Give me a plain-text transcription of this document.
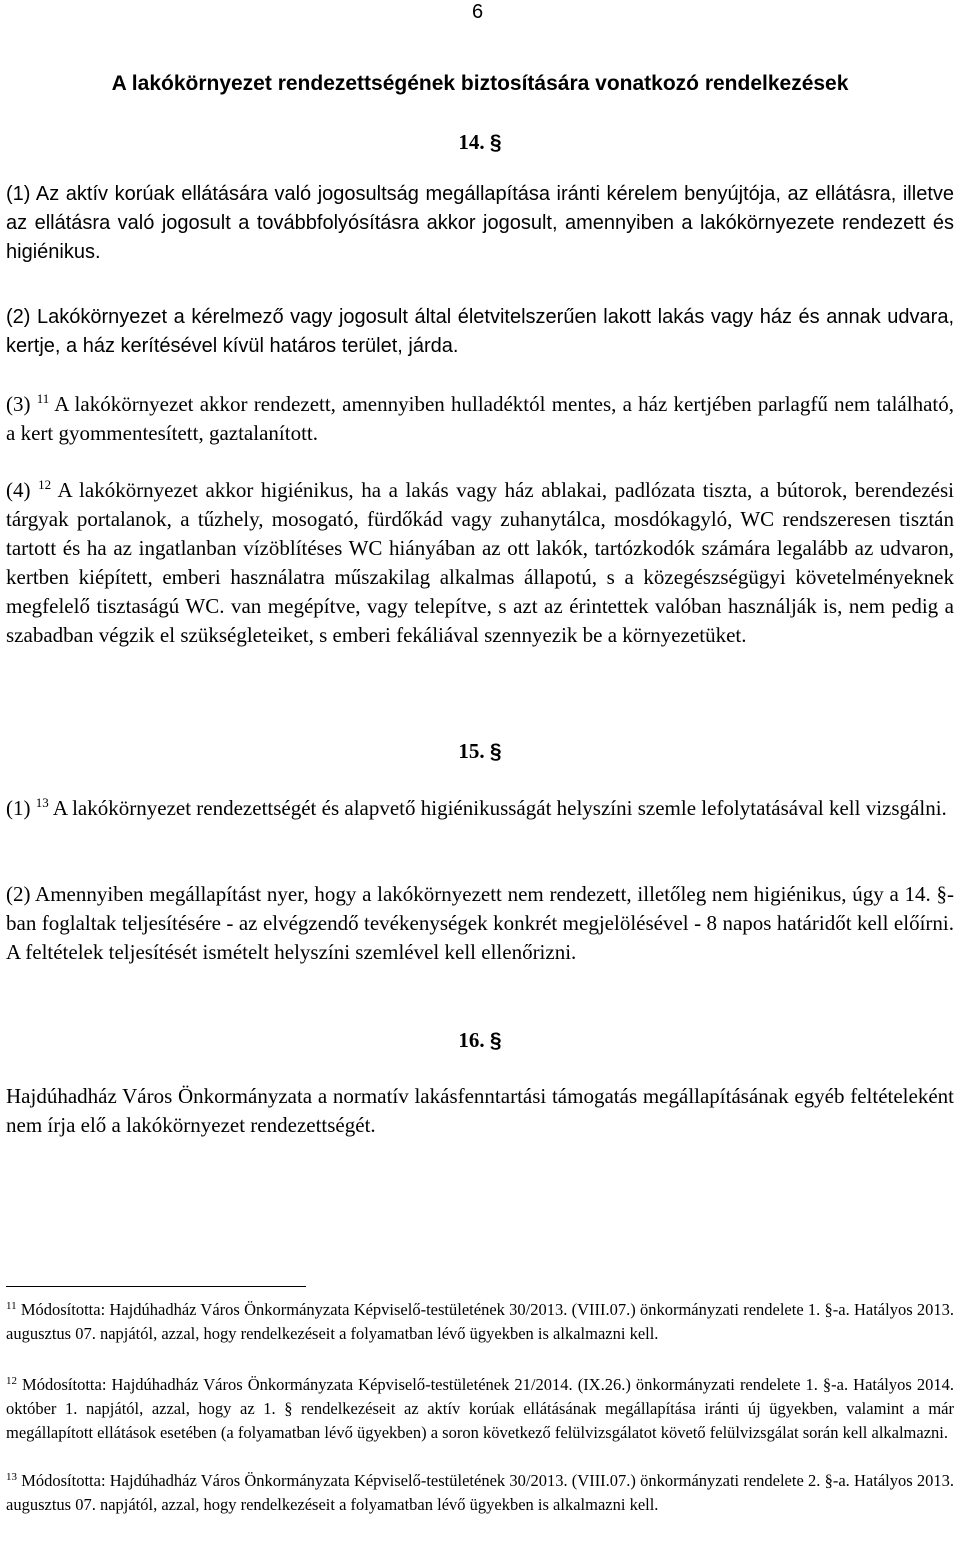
6
A lakókörnyezet rendezettségének biztosítására vonatkozó rendelkezések
14. §

(1) Az aktív korúak ellátására való jogosultság megállapítása iránti kérelem benyújtója, az ellátásra, illetve az ellátásra való jogosult a továbbfolyósításra akkor jogosult, amennyiben a lakókörnyezete rendezett és higiénikus.

(2) Lakókörnyezet a kérelmező vagy jogosult által életvitelszerűen lakott lakás vagy ház és annak udvara, kertje, a ház kerítésével kívül határos terület, járda.

(3) $^{11}$ A lakókörnyezet akkor rendezett, amennyiben hulladéktól mentes, a ház kertjében parlagfű nem található, a kert gyommentesített, gaztalanított.

(4) $^{12}$ A lakókörnyezet akkor higiénikus, ha a lakás vagy ház ablakai, padlózata tiszta, a bútorok, berendezési tárgyak portalanok, a tűzhely, mosogató, fürdőkád vagy zuhanytálca, mosdókagyló, WC rendszeresen tisztán tartott és ha az ingatlanban vízöblítéses WC hiányában az ott lakók, tartózkodók számára legalább az udvaron, kertben kiépített, emberi használatra műszakilag alkalmas állapotú, s a közegészségügyi követelményeknek megfelelő tisztaságú WC. van megépítve, vagy telepítve, s azt az érintettek valóban használják is, nem pedig a szabadban végzik el szükségleteiket, s emberi fekáliával szennyezik be a környezetüket.

15. §

(1) $^{13}$ A lakókörnyezet rendezettségét és alapvető higiénikusságát helyszíni szemle lefolytatásával kell vizsgálni.

(2) Amennyiben megállapítást nyer, hogy a lakókörnyezett nem rendezett, illetőleg nem higiénikus, úgy a 14. §-ban foglaltak teljesítésére - az elvégzendő tevékenységek konkrét megjelölésével - 8 napos határidőt kell előírni. A feltételek teljesítését ismételt helyszíni szemlével kell ellenőrizni.

16. §

Hajdúhadház Város Önkormányzata a normatív lakásfenntartási támogatás megállapításának egyéb feltételeként nem írja elő a lakókörnyezet rendezettségét.

$^{11}$ Módosította: Hajdúhadház Város Önkormányzata Képviselő-testületének 30/2013. (VIII.07.) önkormányzati rendelete 1. §-a. Hatályos 2013. augusztus 07. napjától, azzal, hogy rendelkezéseit a folyamatban lévő ügyekben is alkalmazni kell.

$^{12}$ Módosította: Hajdúhadház Város Önkormányzata Képviselő-testületének 21/2014. (IX.26.) önkormányzati rendelete 1. §-a. Hatályos 2014. október 1. napjától, azzal, hogy az 1. § rendelkezéseit az aktív korúak ellátásának megállapítása iránti új ügyekben, valamint a már megállapított ellátások esetében (a folyamatban lévő ügyekben) a soron következő felülvizsgálatot követő felülvizsgálat során kell alkalmazni.

$^{13}$ Módosította: Hajdúhadház Város Önkormányzata Képviselő-testületének 30/2013. (VIII.07.) önkormányzati rendelete 2. §-a. Hatályos 2013. augusztus 07. napjától, azzal, hogy rendelkezéseit a folyamatban lévő ügyekben is alkalmazni kell.
